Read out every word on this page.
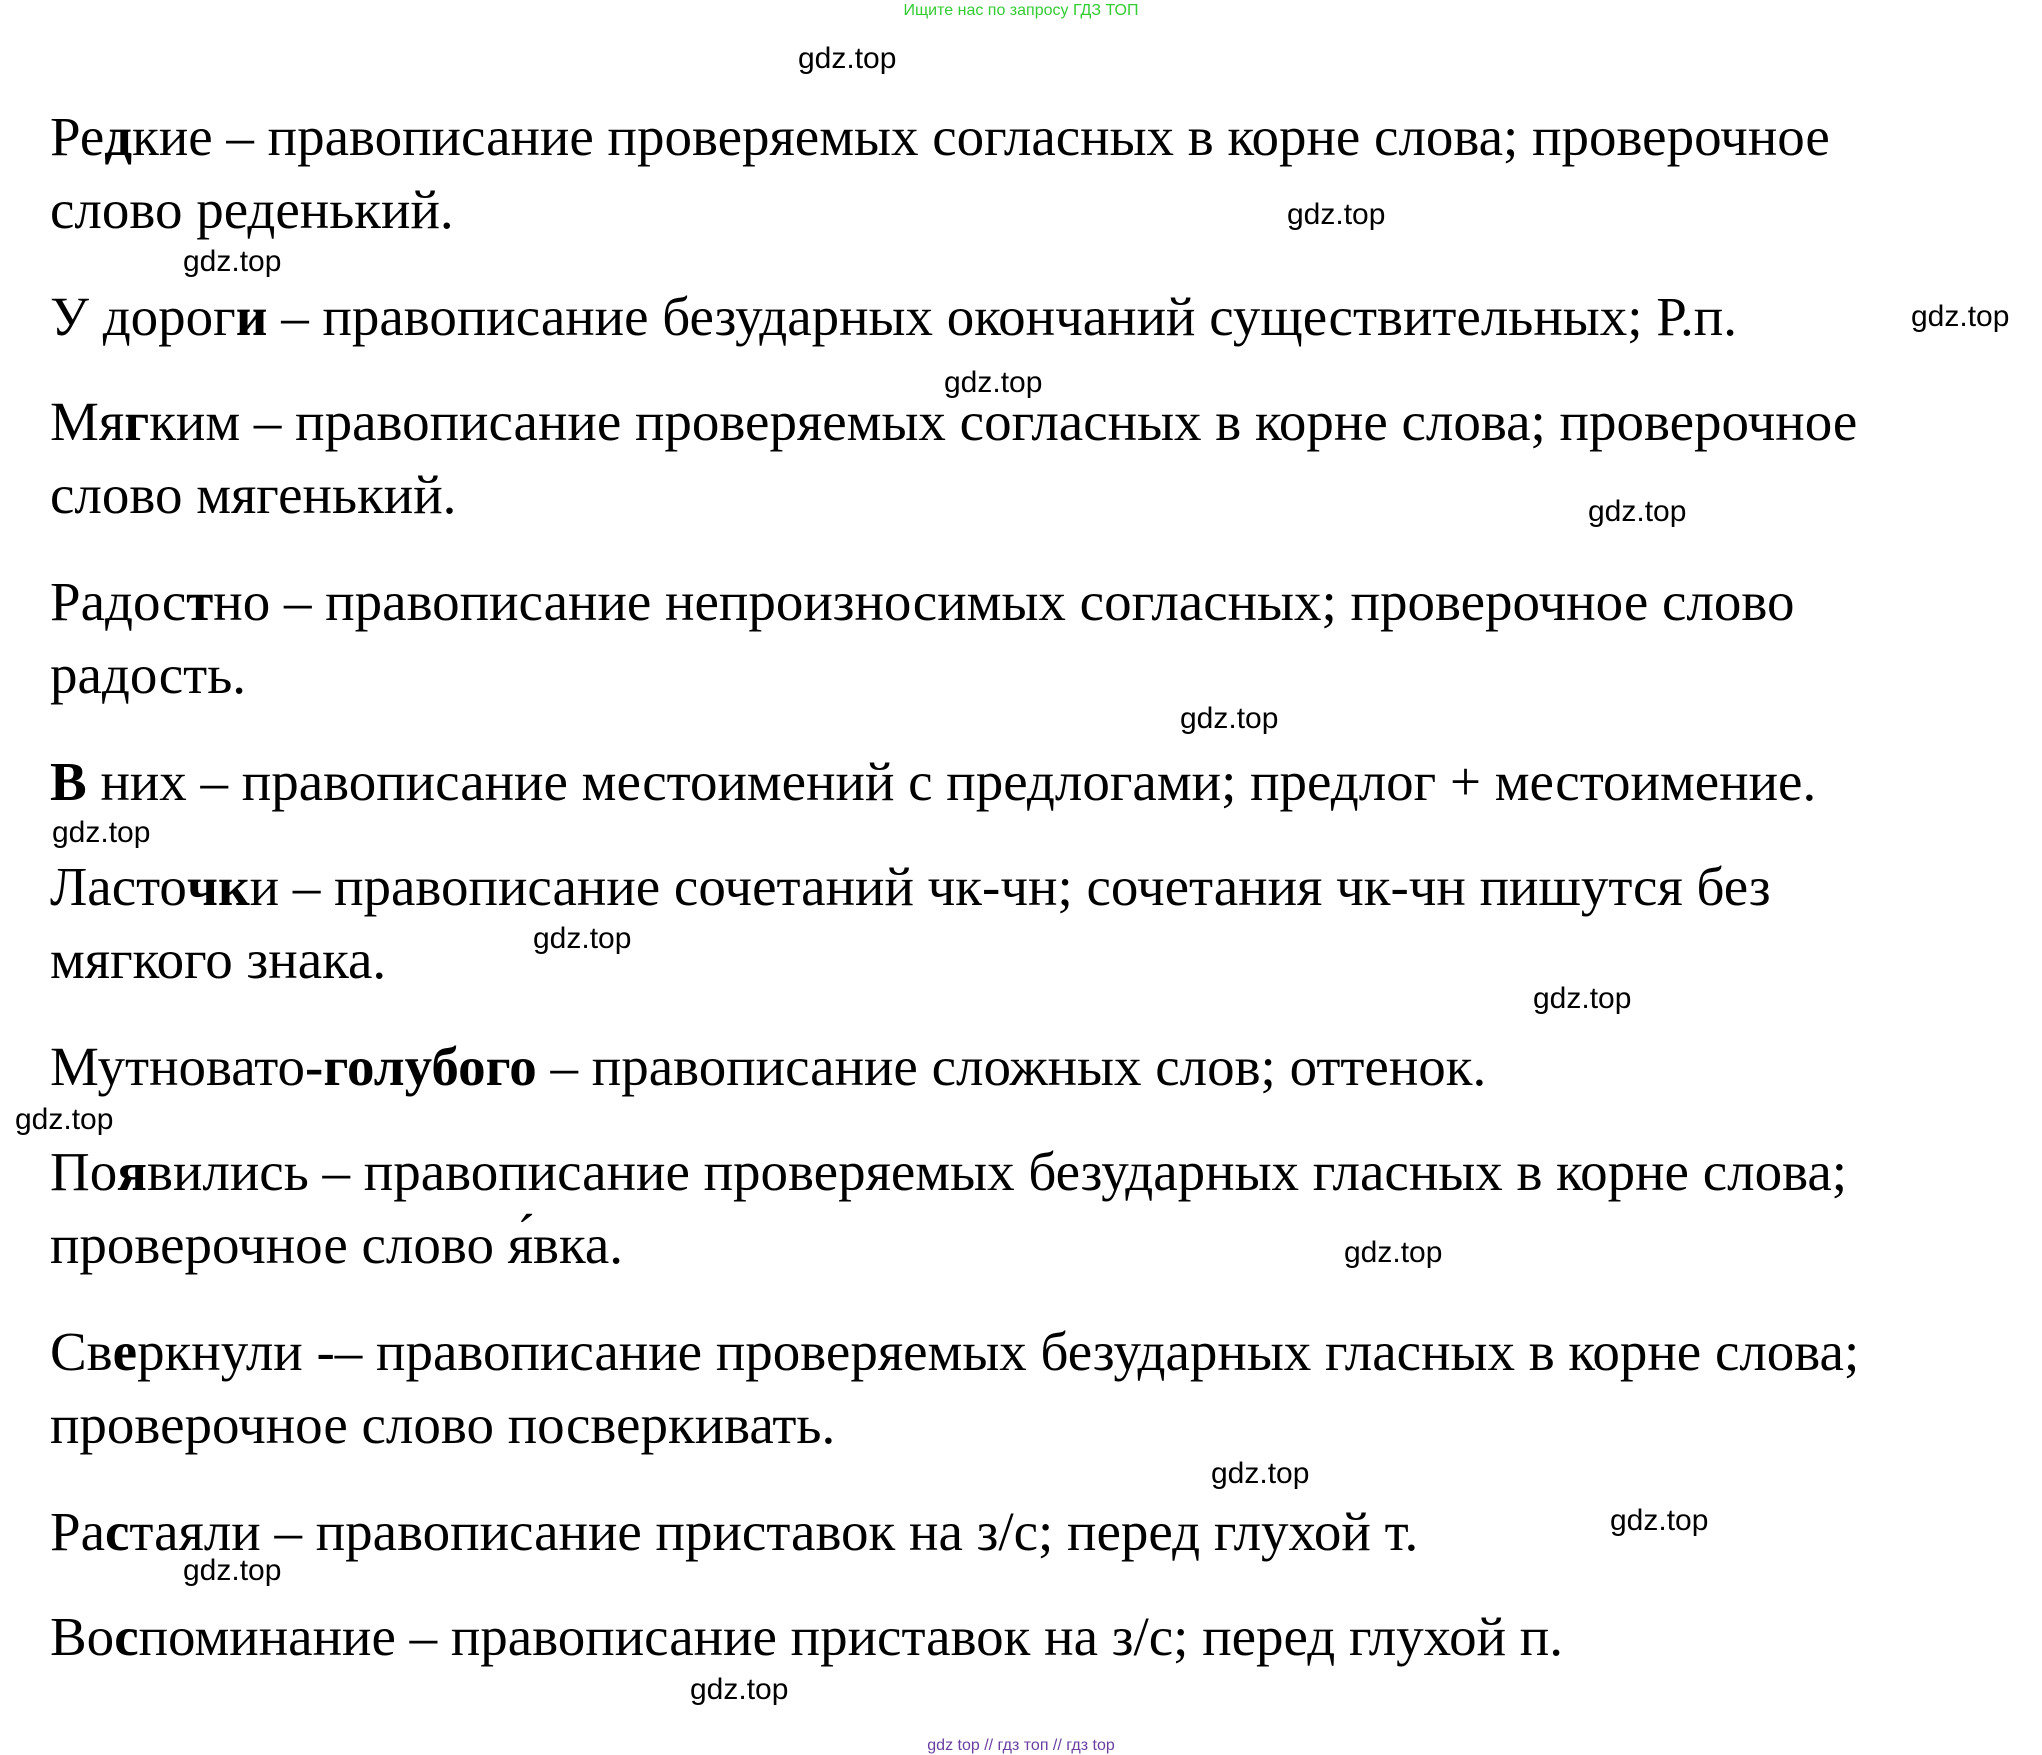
Ищите нас по запросу ГДЗ ТОП
Редкие – правописание проверяемых согласных в корне слова; проверочное
слово реденький.
У дороги – правописание безударных окончаний существительных; Р.п.
Мягким – правописание проверяемых согласных в корне слова; проверочное
слово мягенький.
Радостно – правописание непроизносимых согласных; проверочное слово
радость.
В них – правописание местоимений с предлогами; предлог + местоимение.
Ласточки – правописание сочетаний чк-чн; сочетания чк-чн пишутся без
мягкого знака.
Мутновато-голубого – правописание сложных слов; оттенок.
Появились – правописание проверяемых безударных гласных в корне слова;
проверочное слово я́вка.
Сверкнули -– правописание проверяемых безударных гласных в корне слова;
проверочное слово посверкивать.
Растаяли – правописание приставок на з/с; перед глухой т.
Воспоминание – правописание приставок на з/с; перед глухой п.
gdz.top
gdz.top
gdz.top
gdz.top
gdz.top
gdz.top
gdz.top
gdz.top
gdz.top
gdz.top
gdz.top
gdz.top
gdz.top
gdz.top
gdz.top
gdz.top
gdz top // гдз топ // гдз top
